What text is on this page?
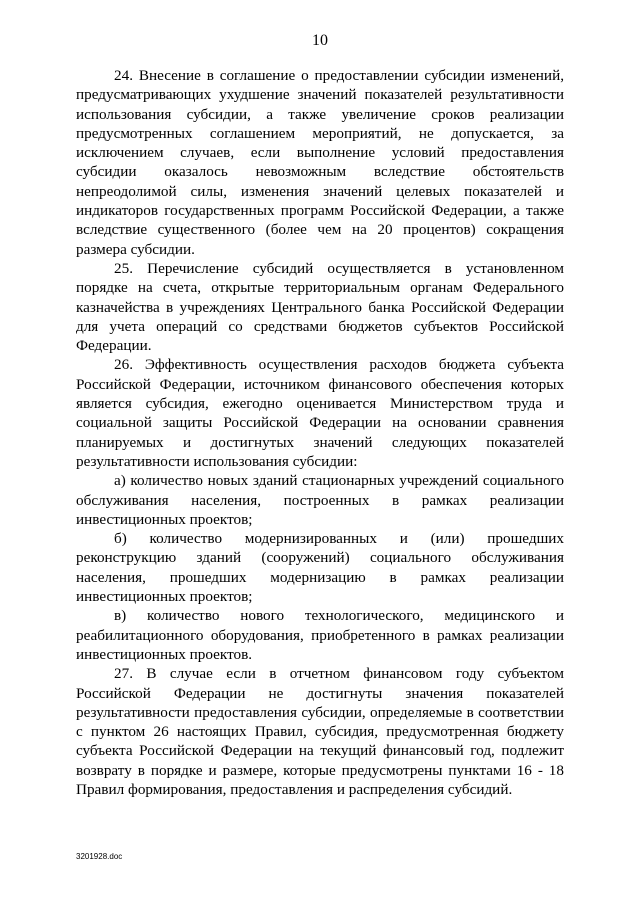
10

24. Внесение в соглашение о предоставлении субсидии изменений, предусматривающих ухудшение значений показателей результативности использования субсидии, а также увеличение сроков реализации предусмотренных соглашением мероприятий, не допускается, за исключением случаев, если выполнение условий предоставления субсидии оказалось невозможным вследствие обстоятельств непреодолимой силы, изменения значений целевых показателей и индикаторов государственных программ Российской Федерации, а также вследствие существенного (более чем на 20 процентов) сокращения размера субсидии.

25. Перечисление субсидий осуществляется в установленном порядке на счета, открытые территориальным органам Федерального казначейства в учреждениях Центрального банка Российской Федерации для учета операций со средствами бюджетов субъектов Российской Федерации.

26. Эффективность осуществления расходов бюджета субъекта Российской Федерации, источником финансового обеспечения которых является субсидия, ежегодно оценивается Министерством труда и социальной защиты Российской Федерации на основании сравнения планируемых и достигнутых значений следующих показателей результативности использования субсидии:

а) количество новых зданий стационарных учреждений социального обслуживания населения, построенных в рамках реализации инвестиционных проектов;

б) количество модернизированных и (или) прошедших реконструкцию зданий (сооружений) социального обслуживания населения, прошедших модернизацию в рамках реализации инвестиционных проектов;

в) количество нового технологического, медицинского и реабилитационного оборудования, приобретенного в рамках реализации инвестиционных проектов.

27. В случае если в отчетном финансовом году субъектом Российской Федерации не достигнуты значения показателей результативности предоставления субсидии, определяемые в соответствии с пунктом 26 настоящих Правил, субсидия, предусмотренная бюджету субъекта Российской Федерации на текущий финансовый год, подлежит возврату в порядке и размере, которые предусмотрены пунктами 16 - 18 Правил формирования, предоставления и распределения субсидий.

3201928.doc
